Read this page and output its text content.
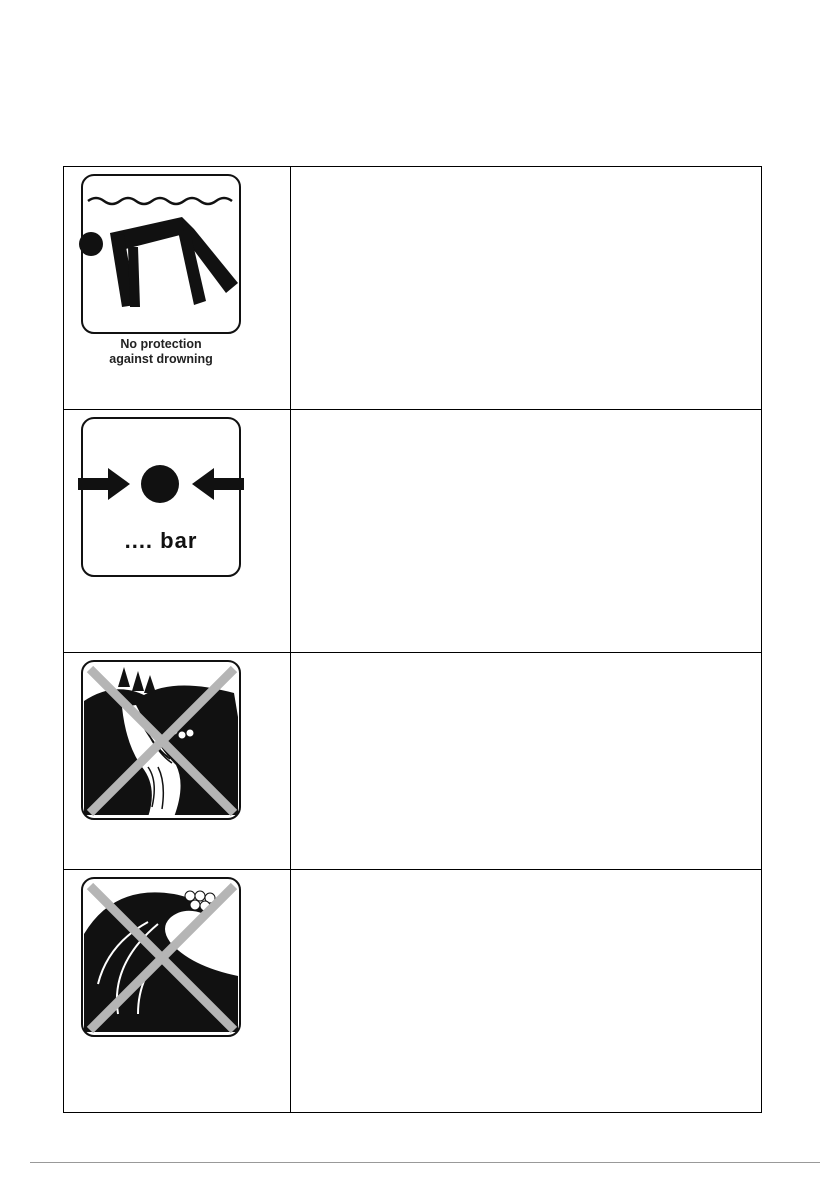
No protection
against drowning	

.... bar	
